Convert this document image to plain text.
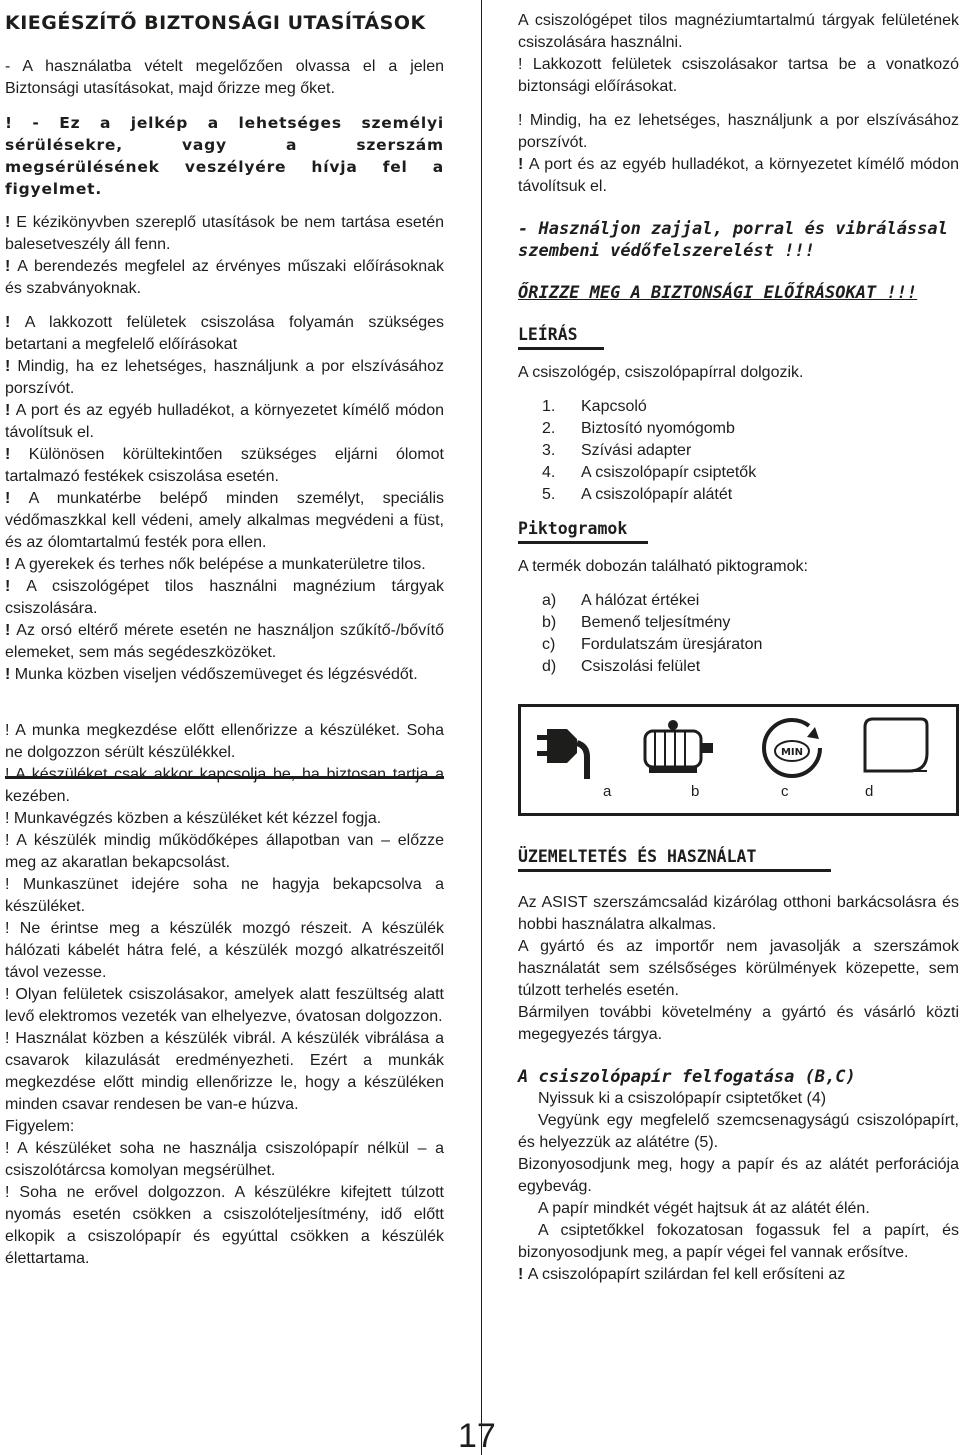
KIEGÉSZÍTŐ BIZTONSÁGI UTASÍTÁSOK

- A használatba vételt megelőzően olvassa el a jelen Biztonsági utasításokat, majd őrizze meg őket.

! - Ez a jelkép a lehetséges személyi sérülésekre, vagy a szerszám megsérülésének veszélyére hívja fel a figyelmet.

! E kézikönyvben szereplő utasítások be nem tartása esetén balesetveszély áll fenn.

! A berendezés megfelel az érvényes műszaki előírásoknak és szabványoknak.

! A lakkozott felületek csiszolása folyamán szükséges betartani a megfelelő előírásokat

! Mindig, ha ez lehetséges, használjunk a por elszívásához porszívót.

! A port és az egyéb hulladékot, a környezetet kímélő módon távolítsuk el.

! Különösen körültekintően szükséges eljárni ólomot tartalmazó festékek csiszolása esetén.

! A munkatérbe belépő minden személyt, speciális védőmaszkkal kell védeni, amely alkalmas megvédeni a füst, és az ólomtartalmú festék pora ellen.

! A gyerekek és terhes nők belépése a munkaterületre tilos.

! A csiszológépet tilos használni magnézium tárgyak csiszolására.

! Az orsó eltérő mérete esetén ne használjon szűkítő-/bővítő elemeket, sem más segédeszközöket.

! Munka közben viseljen védőszemüveget és légzésvédőt.

! A munka megkezdése előtt ellenőrizze a készüléket. Soha ne dolgozzon sérült készülékkel.

! A készüléket csak akkor kapcsolja be, ha biztosan tartja a kezében.

! Munkavégzés közben a készüléket két kézzel fogja.

! A készülék mindig működőképes állapotban van – előzze meg az akaratlan bekapcsolást.

! Munkaszünet idejére soha ne hagyja bekapcsolva a készüléket.

! Ne érintse meg a készülék mozgó részeit. A készülék hálózati kábelét hátra felé, a készülék mozgó alkatrészeitől távol vezesse.

! Olyan felületek csiszolásakor, amelyek alatt feszültség alatt levő elektromos vezeték van elhelyezve, óvatosan dolgozzon.

! Használat közben a készülék vibrál. A készülék vibrálása a csavarok kilazulását eredményezheti. Ezért a munkák megkezdése előtt mindig ellenőrizze le, hogy a készüléken minden csavar rendesen be van-e húzva.

Figyelem:

! A készüléket soha ne használja csiszolópapír nélkül – a csiszolótárcsa komolyan megsérülhet.

! Soha ne erővel dolgozzon. A készülékre kifejtett túlzott nyomás esetén csökken a csiszolóteljesítmény, idő előtt elkopik a csiszolópapír és egyúttal csökken a készülék élettartama.

A csiszológépet tilos magnéziumtartalmú tárgyak felületének csiszolására használni.

! Lakkozott felületek csiszolásakor tartsa be a vonatkozó biztonsági előírásokat.

! Mindig, ha ez lehetséges, használjunk a por elszívásához porszívót.

! A port és az egyéb hulladékot, a környezetet kímélő módon távolítsuk el.

- Használjon zajjal, porral és vibrálással szembeni védőfelszerelést !!!

ŐRIZZE MEG A BIZTONSÁGI ELŐÍRÁSOKAT !!!

LEÍRÁS

A csiszológép, csiszolópapírral dolgozik.

1.	Kapcsoló
2.	Biztosító nyomógomb
3.	Szívási adapter
4.	A csiszolópapír csiptetők
5.	A csiszolópapír alátét
Piktogramok

A termék dobozán található piktogramok:

a)	A hálózat értékei
b)	Bemenő teljesítmény
c)	Fordulatszám üresjáraton
d)	Csiszolási felület
MIN
a	b	c	d
ÜZEMELTETÉS ÉS HASZNÁLAT

Az ASIST szerszámcsalád kizárólag otthoni barkácsolásra és hobbi használatra alkalmas.

A gyártó és az importőr nem javasolják a szerszámok használatát sem szélsőséges körülmények közepette, sem túlzott terhelés esetén.

Bármilyen további követelmény a gyártó és vásárló közti megegyezés tárgya.

A csiszolópapír felfogatása (B,C)

Nyissuk ki a csiszolópapír csiptetőket (4)

Vegyünk egy megfelelő szemcsenagyságú csiszolópapírt, és helyezzük az alátétre (5).

Bizonyosodjunk meg, hogy a papír és az alátét perforációja egybevág.

A papír mindkét végét hajtsuk át az alátét élén.

A csiptetőkkel fokozatosan fogassuk fel a papírt, és bizonyosodjunk meg, a papír végei fel vannak erősítve.

! A csiszolópapírt szilárdan fel kell erősíteni az

17
